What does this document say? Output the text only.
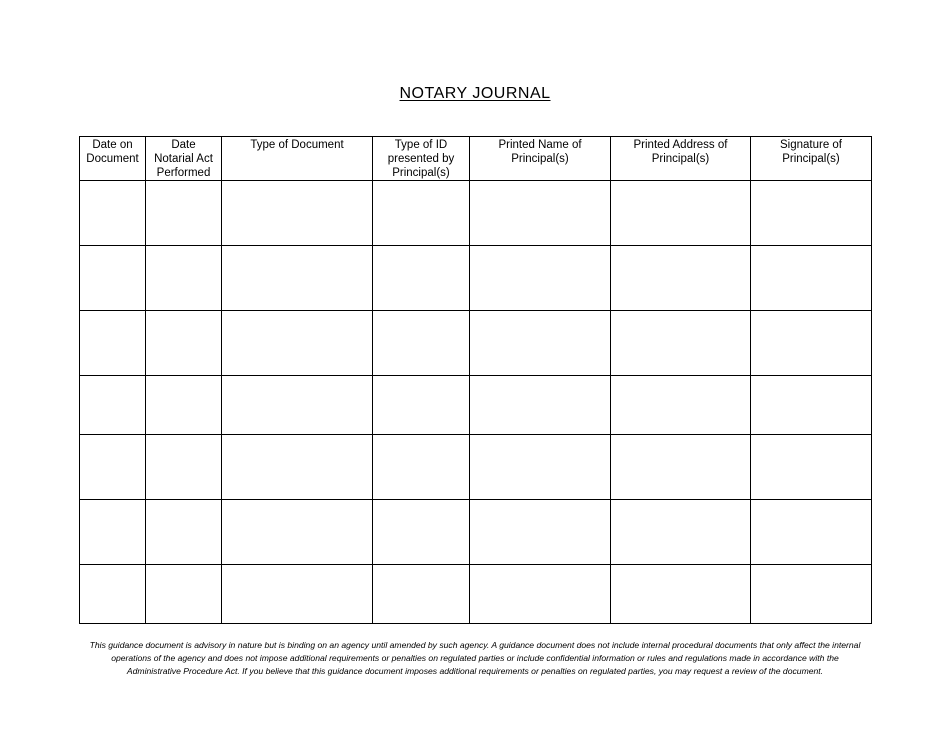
NOTARY JOURNAL
Date on Document	Date Notarial Act Performed	Type of Document	Type of ID presented by Principal(s)	Printed Name of Principal(s)	Printed Address of Principal(s)	Signature of Principal(s)

This guidance document is advisory in nature but is binding on an agency until amended by such agency. A guidance document does not include internal procedural documents that only affect the internal operations of the agency and does not impose additional requirements or penalties on regulated parties or include confidential information or rules and regulations made in accordance with the Administrative Procedure Act. If you believe that this guidance document imposes additional requirements or penalties on regulated parties, you may request a review of the document.
